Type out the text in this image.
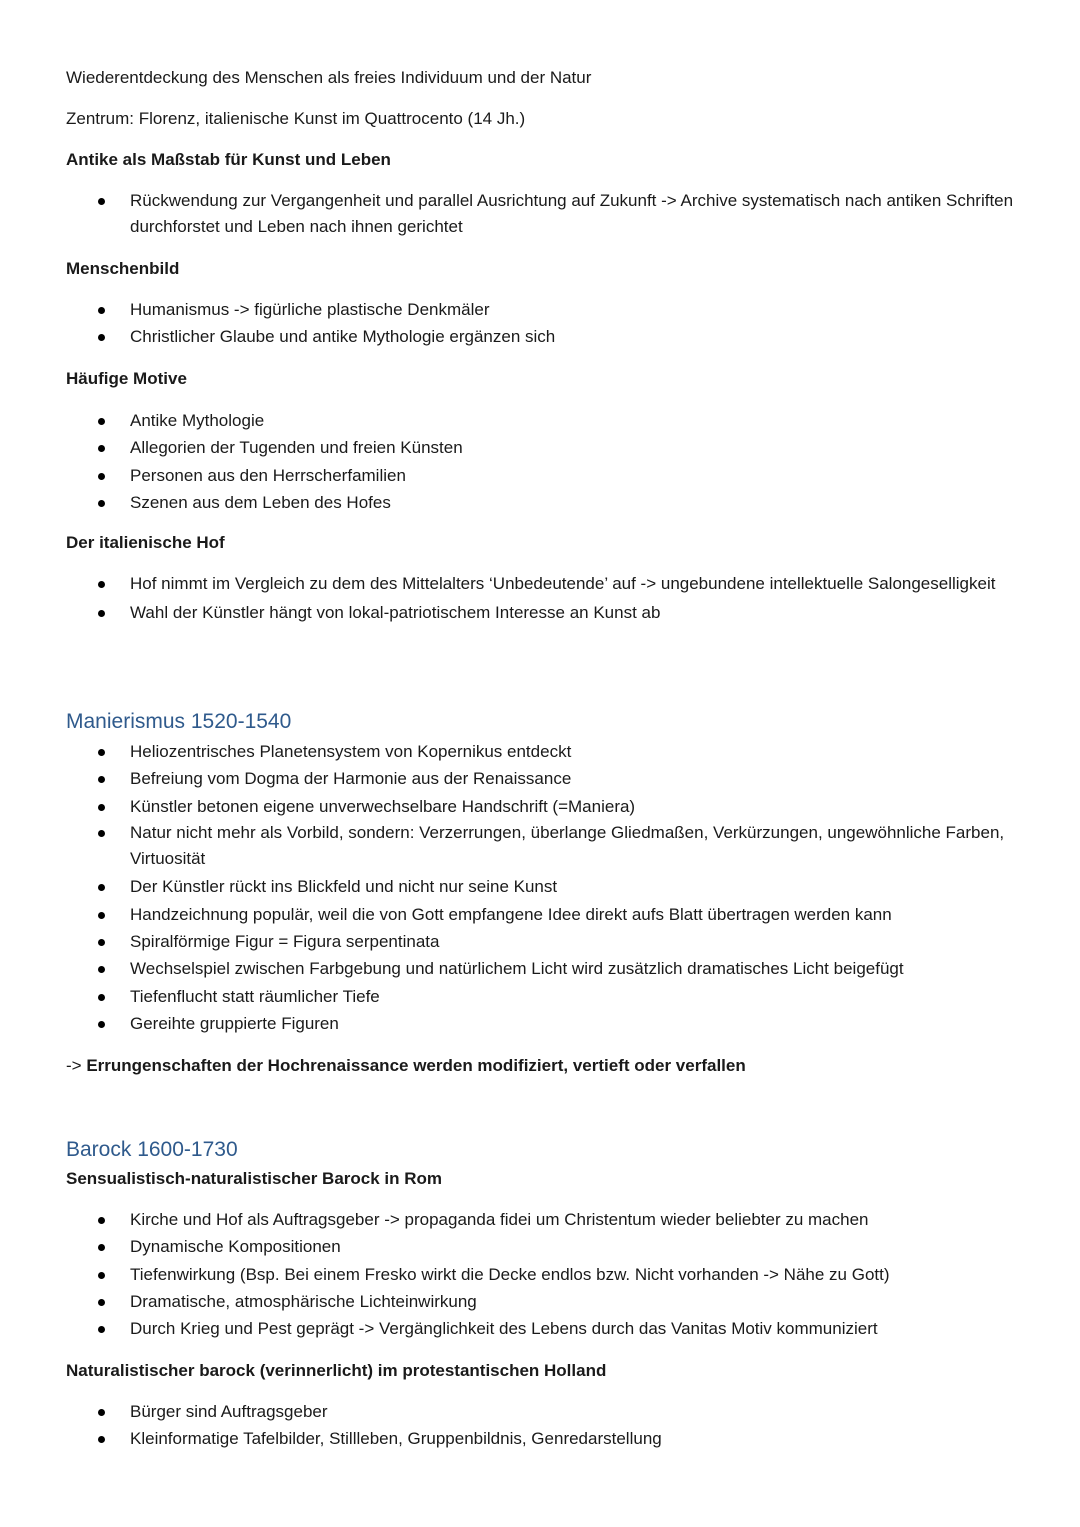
Wiederentdeckung des Menschen als freies Individuum und der Natur
Zentrum: Florenz, italienische Kunst im Quattrocento (14 Jh.)
Antike als Maßstab für Kunst und Leben
Rückwendung zur Vergangenheit und parallel Ausrichtung auf Zukunft -> Archive systematisch nach antiken Schriften durchforstet und Leben nach ihnen gerichtet
Menschenbild
Humanismus -> figürliche plastische Denkmäler
Christlicher Glaube und antike Mythologie ergänzen sich
Häufige Motive
Antike Mythologie
Allegorien der Tugenden und freien Künsten
Personen aus den Herrscherfamilien
Szenen aus dem Leben des Hofes
Der italienische Hof
Hof nimmt im Vergleich zu dem des Mittelalters ‘Unbedeutende’ auf -> ungebundene intellektuelle Salongeselligkeit
Wahl der Künstler hängt von lokal-patriotischem Interesse an Kunst ab
Manierismus 1520-1540
Heliozentrisches Planetensystem von Kopernikus entdeckt
Befreiung vom Dogma der Harmonie aus der Renaissance
Künstler betonen eigene unverwechselbare Handschrift (=Maniera)
Natur nicht mehr als Vorbild, sondern: Verzerrungen, überlange Gliedmaßen, Verkürzungen, ungewöhnliche Farben, Virtuosität
Der Künstler rückt ins Blickfeld und nicht nur seine Kunst
Handzeichnung populär, weil die von Gott empfangene Idee direkt aufs Blatt übertragen werden kann
Spiralförmige Figur = Figura serpentinata
Wechselspiel zwischen Farbgebung und natürlichem Licht wird zusätzlich dramatisches Licht beigefügt
Tiefenflucht statt räumlicher Tiefe
Gereihte gruppierte Figuren
-> Errungenschaften der Hochrenaissance werden modifiziert, vertieft oder verfallen
Barock 1600-1730
Sensualistisch-naturalistischer Barock in Rom
Kirche und Hof als Auftragsgeber -> propaganda fidei um Christentum wieder beliebter zu machen
Dynamische Kompositionen
Tiefenwirkung (Bsp. Bei einem Fresko wirkt die Decke endlos bzw. Nicht vorhanden -> Nähe zu Gott)
Dramatische, atmosphärische Lichteinwirkung
Durch Krieg und Pest geprägt -> Vergänglichkeit des Lebens durch das Vanitas Motiv kommuniziert
Naturalistischer barock (verinnerlicht) im protestantischen Holland
Bürger sind Auftragsgeber
Kleinformatige Tafelbilder, Stillleben, Gruppenbildnis, Genredarstellung
